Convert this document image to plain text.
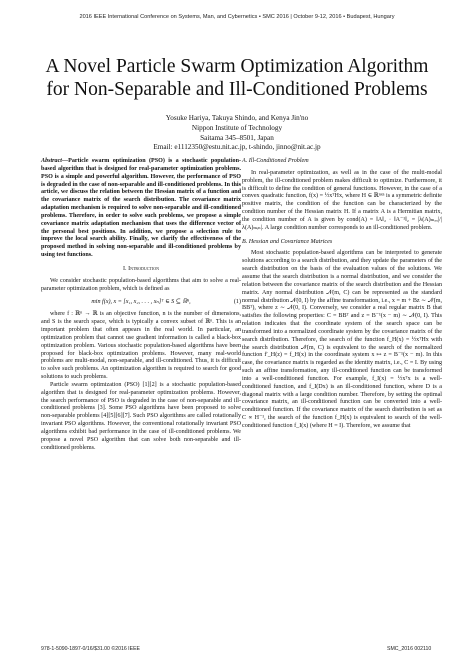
2016 IEEE International Conference on Systems, Man, and Cybernetics • SMC 2016 | October 9-12, 2016 • Budapest, Hungary
A Novel Particle Swarm Optimization Algorithm
for Non-Separable and Ill-Conditioned Problems
Yosuke Hariya, Takuya Shindo, and Kenya Jin'no
Nippon Institute of Technology
Saitama 345–8501, Japan
Email: e1112350@estu.nit.ac.jp, t-shindo, jinno@nit.ac.jp

Abstract—Particle swarm optimization (PSO) is a stochastic population-based algorithm that is designed for real-parameter optimization problems. PSO is a simple and powerful algorithm. However, the performance of PSO is degraded in the case of non-separable and ill-conditioned problems. In this article, we discuss the relation between the Hessian matrix of a function and the covariance matrix of the search distribution. The covariance matrix adaptation mechanism is required to solve non-separable and ill-conditioned problems. Therefore, in order to solve such problems, we propose a simple covariance matrix adaptation mechanism that uses the difference vector of the personal best positions. In addition, we propose a selection rule to improve the local search ability. Finally, we clarify the effectiveness of the proposed method in solving non-separable and ill-conditioned problems by using test functions.

I. Introduction

We consider stochastic population-based algorithms that aim to solve a real-parameter optimization problem, which is defined as

min f(x), x = [x₁, x₂, . . . , xₙ]ᵀ ∈ S ⊆ ℝⁿ,	(1)

where f : ℝⁿ → ℝ is an objective function, n is the number of dimensions, and S is the search space, which is typically a convex subset of ℝⁿ. This is an important problem that often appears in the real world. In particular, an optimization problem that cannot use gradient information is called a black-box optimization problem. Various stochastic population-based algorithms have been proposed for black-box optimization problems. However, many real-world problems are multi-modal, non-separable, and ill-conditioned. Thus, it is difficult to solve such problems. An optimization algorithm is required to search for good solutions to such problems.

Particle swarm optimization (PSO) [1][2] is a stochastic population-based algorithm that is designed for real-parameter optimization problems. However, the search performance of PSO is degraded in the case of non-separable and ill-conditioned problems [3]. Some PSO algorithms have been proposed to solve non-separable problems [4][5][6][7]. Such PSO algorithms are called rotationally invariant PSO algorithms. However, the conventional rotationally invariant PSO algorithms exhibit bad performance in the case of ill-conditioned problems. We propose a novel PSO algorithm that can solve both non-separable and ill-conditioned problems.

A. Ill-Conditioned Problem

In real-parameter optimization, as well as in the case of the multi-modal problem, the ill-conditioned problem makes difficult to optimize. Furthermore, it is difficult to define the condition of general functions. However, in the case of a convex quadratic function, f(x) = ½xᵀHx, where H ∈ ℝⁿˣⁿ is a symmetric definite positive matrix, the condition of the function can be characterized by the condition number of the Hessian matrix H. If a matrix A is a Hermitian matrix, the condition number of A is given by cond(A) = ‖A‖₂ · ‖A⁻¹‖₂ = |λ(A)ₘₐₓ|/|λ(A)ₘᵢₙ|. A large condition number corresponds to an ill-conditioned problem.

B. Hessian and Covariance Matrices

Most stochastic population-based algorithms can be interpreted to generate solutions according to a search distribution, and they update the parameters of the search distribution on the basis of the evaluation values of the solutions. We assume that the search distribution is a normal distribution, and we consider the relation between the covariance matrix of the search distribution and the Hessian matrix. Any normal distribution 𝒩(m, C) can be represented as the standard normal distribution 𝒩(0, I) by the affine transformation, i.e., x = m + Bz ∼ 𝒩(m, BBᵀ), where z ∼ 𝒩(0, I). Conversely, we consider a real regular matrix B that satisfies the following properties: C = BBᵀ and z = B⁻¹(x − m) ∼ 𝒩(0, I). This relation indicates that the coordinate system of the search space can be transformed into a normalized coordinate system by the covariance matrix of the search distribution. Therefore, the search of the function f_H(x) = ½xᵀHx with the search distribution 𝒩(m, C) is equivalent to the search of the normalized function f′_H(z) = f_H(x) in the coordinate system x ↦ z = B⁻¹(x − m). In this case, the covariance matrix is regarded as the identity matrix, i.e., C = I. By using such an affine transformation, any ill-conditioned function can be transformed into a well-conditioned function. For example, f_I(x) = ½xᵀx is a well-conditioned function, and f_I(Dx) is an ill-conditioned function, where D is a diagonal matrix with a large condition number. Therefore, by setting the optimal covariance matrix, an ill-conditioned function can be converted into a well-conditioned function. If the covariance matrix of the search distribution is set as C ∝ H⁻¹, the search of the function f_H(x) is equivalent to search of the well-conditioned function f_I(x) (where H = I). Therefore, we assume that

978-1-5090-1897-0/16/$31.00 ©2016 IEEE	SMC_2016 002110
